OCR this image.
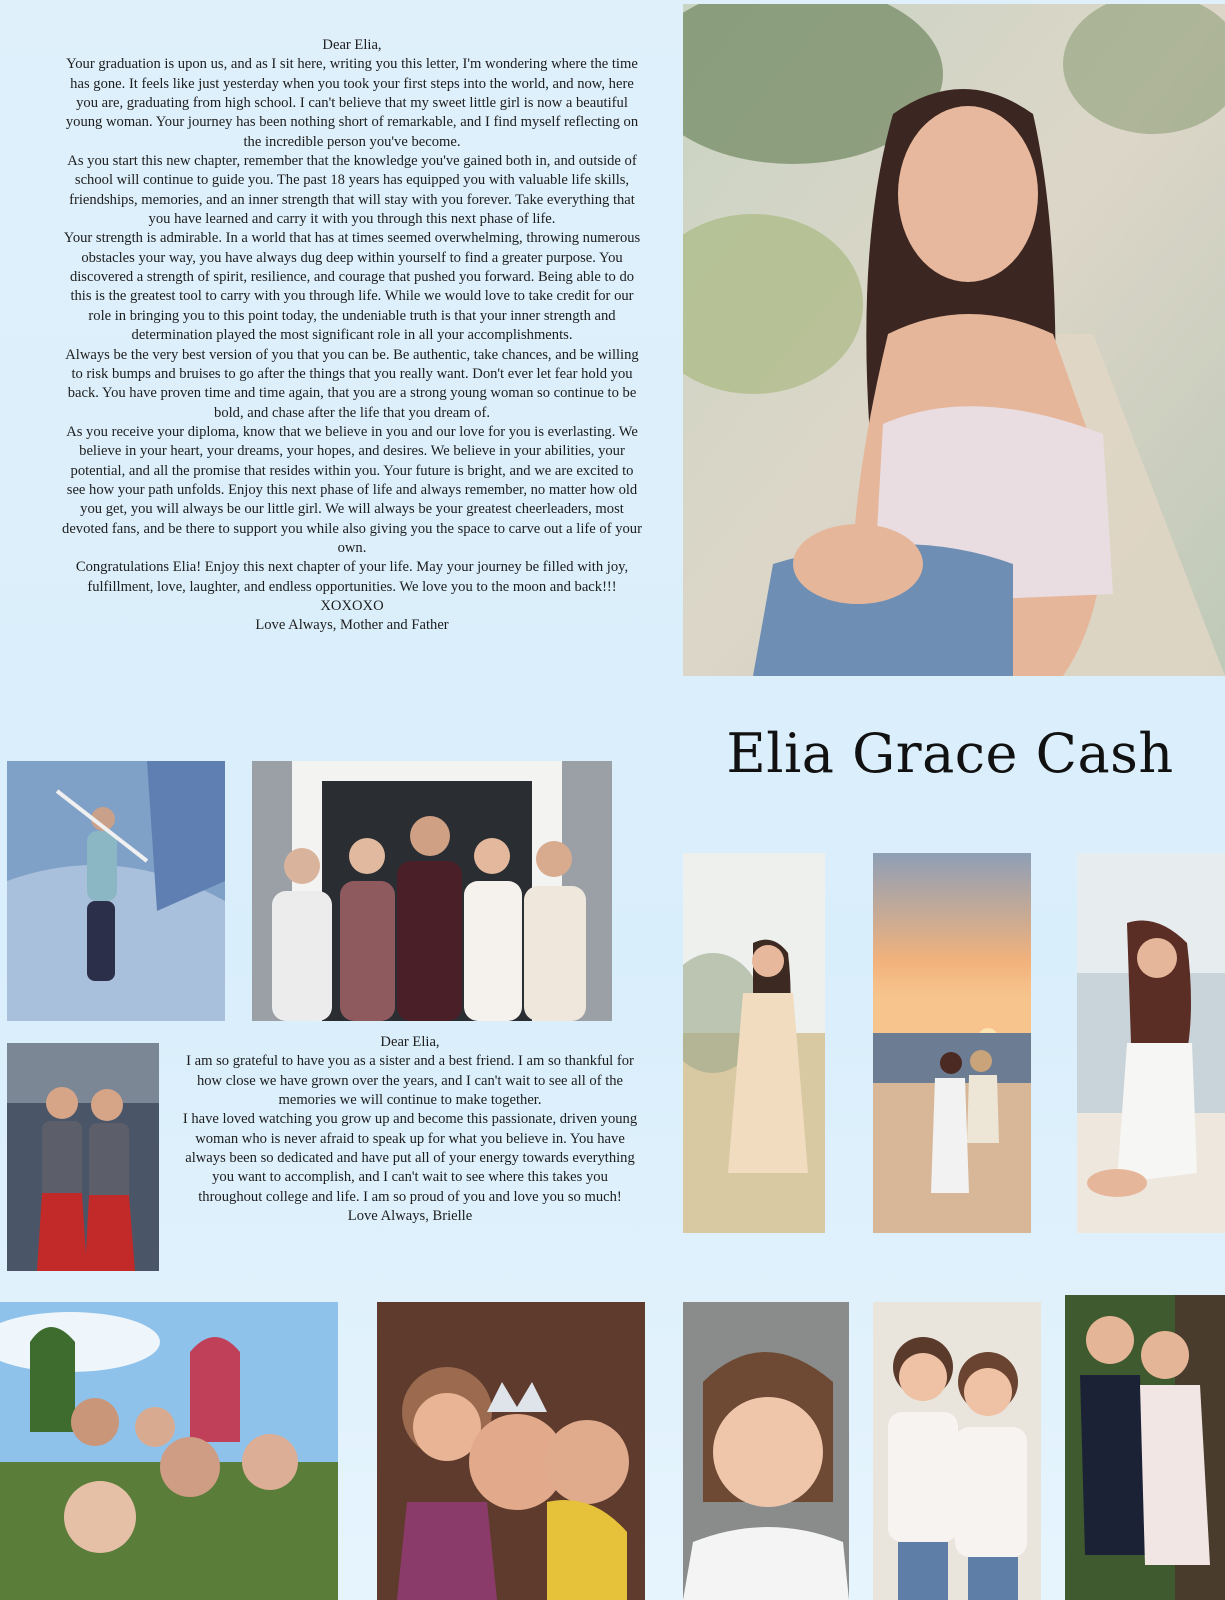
Dear Elia,

Your graduation is upon us, and as I sit here, writing you this letter, I'm wondering where the time has gone. It feels like just yesterday when you took your first steps into the world, and now, here you are, graduating from high school. I can't believe that my sweet little girl is now a beautiful young woman. Your journey has been nothing short of remarkable, and I find myself reflecting on the incredible person you've become.

As you start this new chapter, remember that the knowledge you've gained both in, and outside of school will continue to guide you. The past 18 years has equipped you with valuable life skills, friendships, memories, and an inner strength that will stay with you forever. Take everything that you have learned and carry it with you through this next phase of life.

Your strength is admirable. In a world that has at times seemed overwhelming, throwing numerous obstacles your way, you have always dug deep within yourself to find a greater purpose. You discovered a strength of spirit, resilience, and courage that pushed you forward. Being able to do this is the greatest tool to carry with you through life. While we would love to take credit for our role in bringing you to this point today, the undeniable truth is that your inner strength and determination played the most significant role in all your accomplishments.

Always be the very best version of you that you can be. Be authentic, take chances, and be willing to risk bumps and bruises to go after the things that you really want. Don't ever let fear hold you back. You have proven time and time again, that you are a strong young woman so continue to be bold, and chase after the life that you dream of.

As you receive your diploma, know that we believe in you and our love for you is everlasting. We believe in your heart, your dreams, your hopes, and desires. We believe in your abilities, your potential, and all the promise that resides within you. Your future is bright, and we are excited to see how your path unfolds. Enjoy this next phase of life and always remember, no matter how old you get, you will always be our little girl. We will always be your greatest cheerleaders, most devoted fans, and be there to support you while also giving you the space to carve out a life of your own.

Congratulations Elia! Enjoy this next chapter of your life. May your journey be filled with joy, fulfillment, love, laughter, and endless opportunities. We love you to the moon and back!!! XOXOXO

Love Always, Mother and Father

Elia Grace Cash

Dear Elia,

I am so grateful to have you as a sister and a best friend. I am so thankful for how close we have grown over the years, and I can't wait to see all of the memories we will continue to make together.

I have loved watching you grow up and become this passionate, driven young woman who is never afraid to speak up for what you believe in. You have always been so dedicated and have put all of your energy towards everything you want to accomplish, and I can't wait to see where this takes you throughout college and life. I am so proud of you and love you so much!

Love Always, Brielle
